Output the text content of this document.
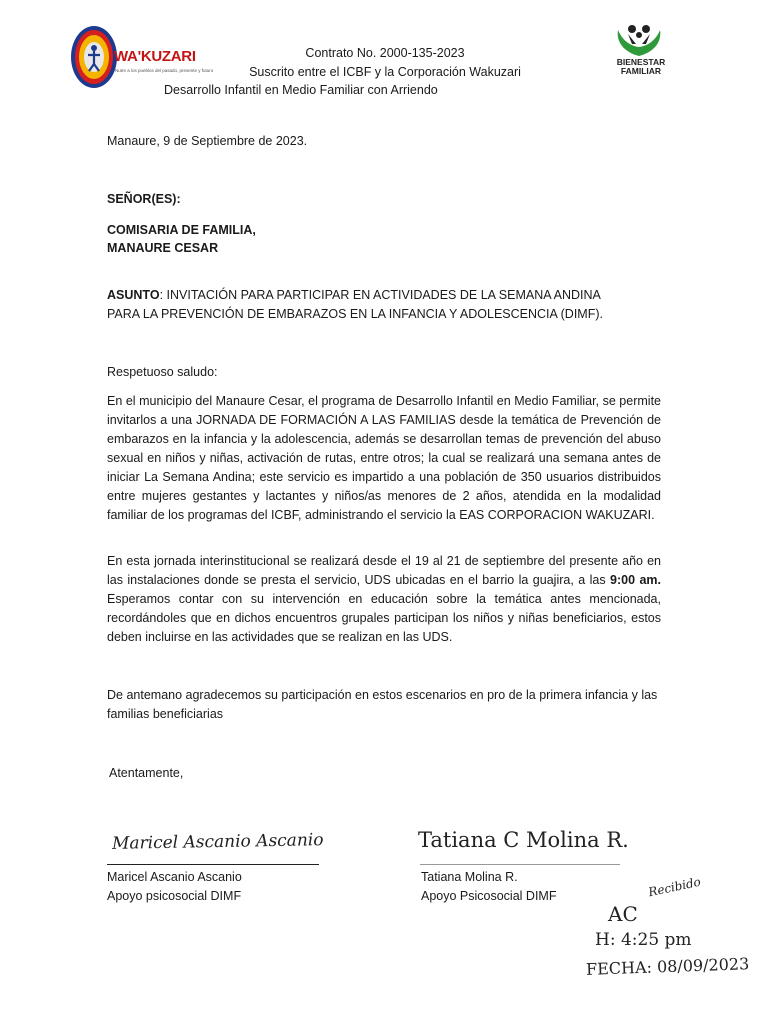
WA'KUZARI
Nutre a los pueblos del pasado, presente y futuro
Contrato No. 2000-135-2023
Suscrito entre el ICBF y la Corporación Wakuzari
Desarrollo Infantil en Medio Familiar con Arriendo
BIENESTAR FAMILIAR
Manaure, 9 de Septiembre de 2023.
SEÑOR(ES):
COMISARIA DE FAMILIA,
MANAURE CESAR
ASUNTO: INVITACIÓN PARA PARTICIPAR EN ACTIVIDADES DE LA SEMANA ANDINA PARA LA PREVENCIÓN DE EMBARAZOS EN LA INFANCIA Y ADOLESCENCIA (DIMF).
Respetuoso saludo:
En el municipio del Manaure Cesar, el programa de Desarrollo Infantil en Medio Familiar, se permite invitarlos a una JORNADA DE FORMACIÓN A LAS FAMILIAS desde la temática de Prevención de embarazos en la infancia y la adolescencia, además se desarrollan temas de prevención del abuso sexual en niños y niñas, activación de rutas, entre otros; la cual se realizará una semana antes de iniciar La Semana Andina; este servicio es impartido a una población de 350 usuarios distribuidos entre mujeres gestantes y lactantes y niños/as menores de 2 años, atendida en la modalidad familiar de los programas del ICBF, administrando el servicio la EAS CORPORACION WAKUZARI.
En esta jornada interinstitucional se realizará desde el 19 al 21 de septiembre del presente año en las instalaciones donde se presta el servicio, UDS ubicadas en el barrio la guajira, a las 9:00 am. Esperamos contar con su intervención en educación sobre la temática antes mencionada, recordándoles que en dichos encuentros grupales participan los niños y niñas beneficiarios, estos deben incluirse en las actividades que se realizan en las UDS.
De antemano agradecemos su participación en estos escenarios en pro de la primera infancia y las familias beneficiarias
Atentamente,
Maricel Ascanio Ascanio
Maricel Ascanio Ascanio
Apoyo psicosocial DIMF
Tatiana C Molina R.
Tatiana Molina R.
Apoyo Psicosocial DIMF	Recibido
AC
H: 4:25 pm
FECHA: 08/09/2023
